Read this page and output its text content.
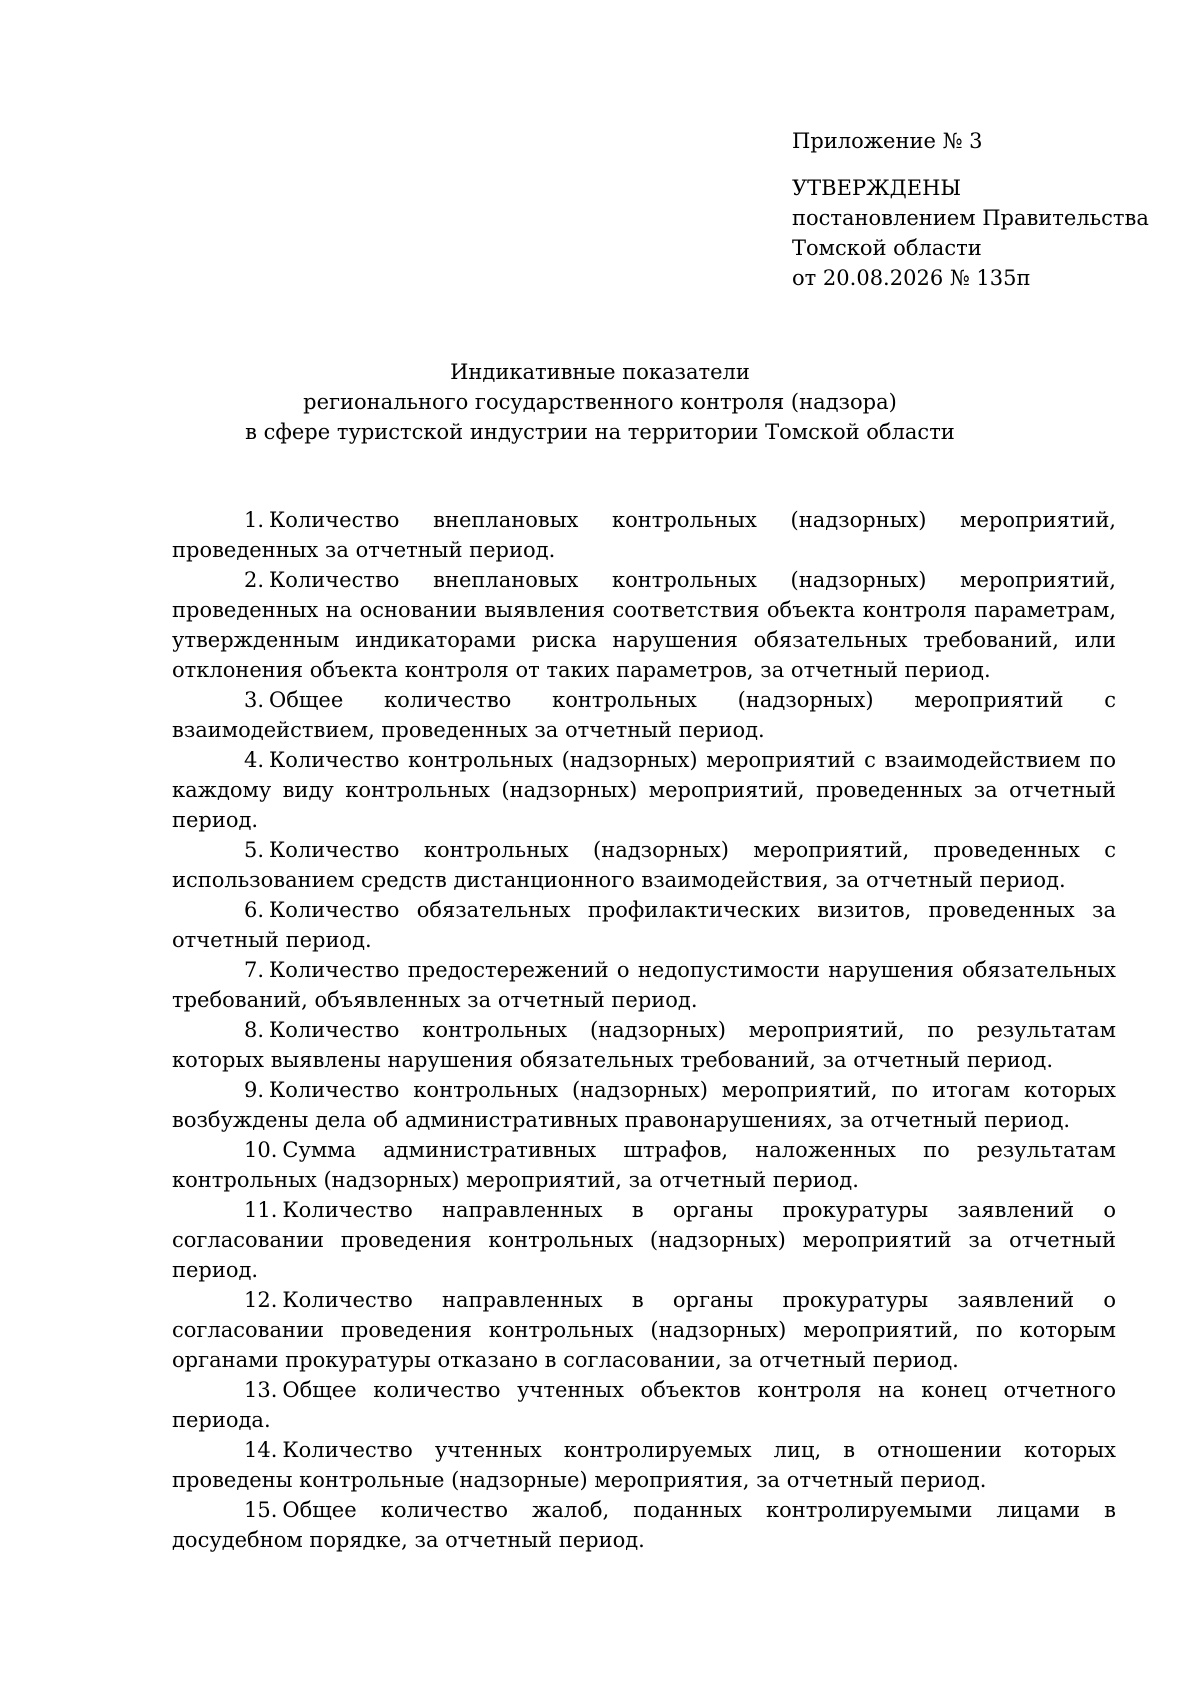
Приложение № 3
УТВЕРЖДЕНЫ
постановлением Правительства
Томской области
от 20.08.2026 № 135п
Индикативные показатели
регионального государственного контроля (надзора)
в сфере туристской индустрии на территории Томской области

1. Количество внеплановых контрольных (надзорных) мероприятий, проведенных за отчетный период.

2. Количество внеплановых контрольных (надзорных) мероприятий, проведенных на основании выявления соответствия объекта контроля параметрам, утвержденным индикаторами риска нарушения обязательных требований, или отклонения объекта контроля от таких параметров, за отчетный период.

3. Общее количество контрольных (надзорных) мероприятий с взаимодействием, проведенных за отчетный период.

4. Количество контрольных (надзорных) мероприятий с взаимодействием по каждому виду контрольных (надзорных) мероприятий, проведенных за отчетный период.

5. Количество контрольных (надзорных) мероприятий, проведенных с использованием средств дистанционного взаимодействия, за отчетный период.

6. Количество обязательных профилактических визитов, проведенных за отчетный период.

7. Количество предостережений о недопустимости нарушения обязательных требований, объявленных за отчетный период.

8. Количество контрольных (надзорных) мероприятий, по результатам которых выявлены нарушения обязательных требований, за отчетный период.

9. Количество контрольных (надзорных) мероприятий, по итогам которых возбуждены дела об административных правонарушениях, за отчетный период.

10. Сумма административных штрафов, наложенных по результатам контрольных (надзорных) мероприятий, за отчетный период.

11. Количество направленных в органы прокуратуры заявлений о согласовании проведения контрольных (надзорных) мероприятий за отчетный период.

12. Количество направленных в органы прокуратуры заявлений о согласовании проведения контрольных (надзорных) мероприятий, по которым органами прокуратуры отказано в согласовании, за отчетный период.

13. Общее количество учтенных объектов контроля на конец отчетного периода.

14. Количество учтенных контролируемых лиц, в отношении которых проведены контрольные (надзорные) мероприятия, за отчетный период.

15. Общее количество жалоб, поданных контролируемыми лицами в досудебном порядке, за отчетный период.
